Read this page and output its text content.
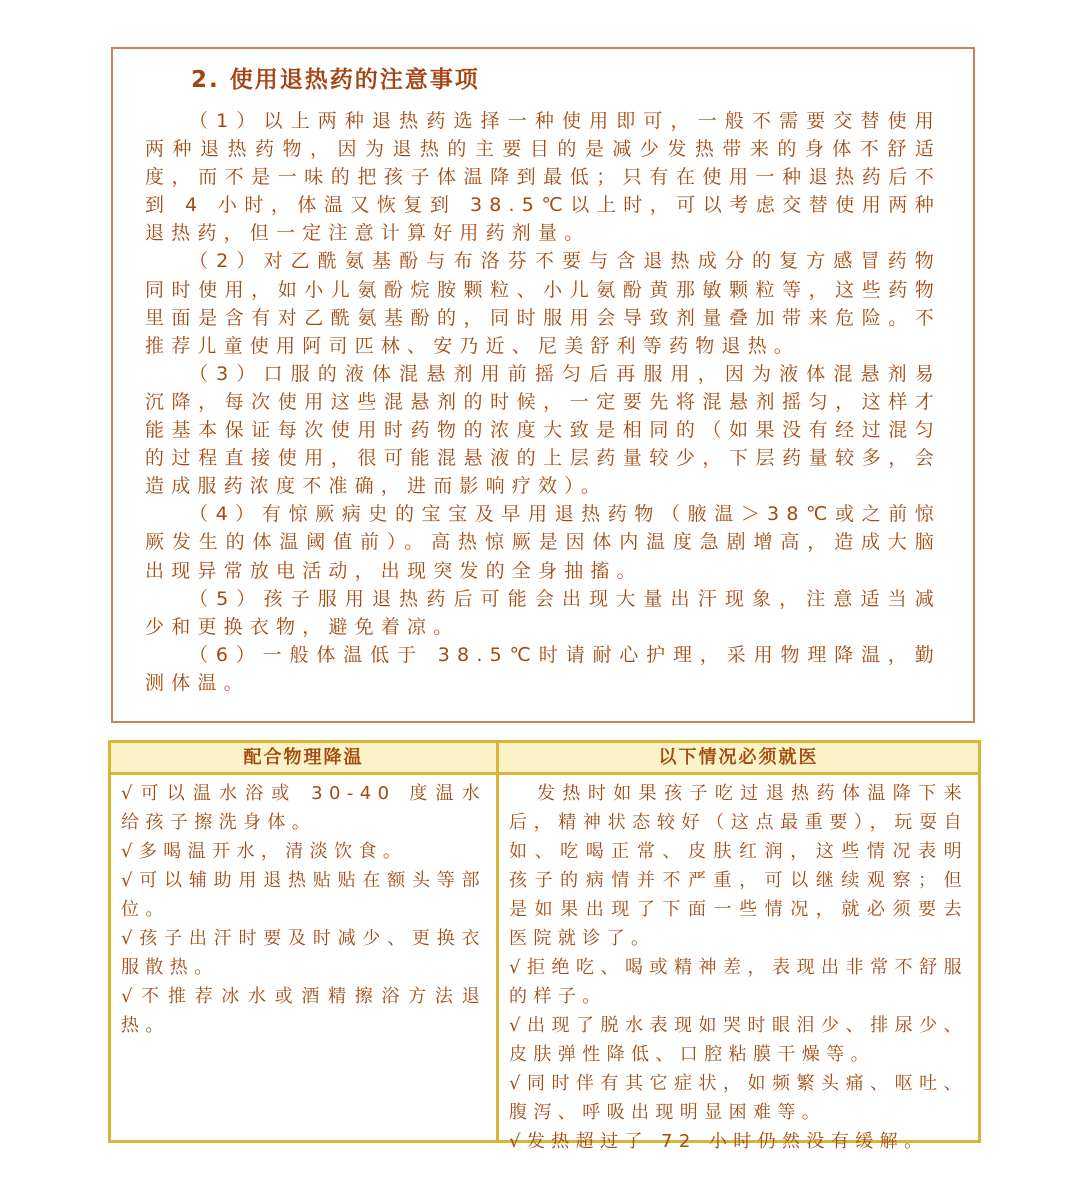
2. 使用退热药的注意事项

（1）以上两种退热药选择一种使用即可，一般不需要交替使用两种退热药物，因为退热的主要目的是减少发热带来的身体不舒适度，而不是一味的把孩子体温降到最低；只有在使用一种退热药后不到 4 小时，体温又恢复到 38.5℃以上时，可以考虑交替使用两种退热药，但一定注意计算好用药剂量。

（2）对乙酰氨基酚与布洛芬不要与含退热成分的复方感冒药物同时使用，如小儿氨酚烷胺颗粒、小儿氨酚黄那敏颗粒等，这些药物里面是含有对乙酰氨基酚的，同时服用会导致剂量叠加带来危险。不推荐儿童使用阿司匹林、安乃近、尼美舒利等药物退热。

（3）口服的液体混悬剂用前摇匀后再服用，因为液体混悬剂易沉降，每次使用这些混悬剂的时候，一定要先将混悬剂摇匀，这样才能基本保证每次使用时药物的浓度大致是相同的（如果没有经过混匀的过程直接使用，很可能混悬液的上层药量较少，下层药量较多，会造成服药浓度不准确，进而影响疗效）。

（4）有惊厥病史的宝宝及早用退热药物（腋温＞38℃或之前惊厥发生的体温阈值前）。高热惊厥是因体内温度急剧增高，造成大脑出现异常放电活动，出现突发的全身抽搐。

（5）孩子服用退热药后可能会出现大量出汗现象，注意适当减少和更换衣物，避免着凉。

（6）一般体温低于 38.5℃时请耐心护理，采用物理降温，勤测体温。

配合物理降温

√可以温水浴或 30-40 度温水给孩子擦洗身体。

√多喝温开水，清淡饮食。

√可以辅助用退热贴贴在额头等部位。

√孩子出汗时要及时减少、更换衣服散热。

√不推荐冰水或酒精擦浴方法退热。

以下情况必须就医

发热时如果孩子吃过退热药体温降下来后，精神状态较好（这点最重要），玩耍自如、吃喝正常、皮肤红润，这些情况表明孩子的病情并不严重，可以继续观察；但是如果出现了下面一些情况，就必须要去医院就诊了。

√拒绝吃、喝或精神差，表现出非常不舒服的样子。

√出现了脱水表现如哭时眼泪少、排尿少、皮肤弹性降低、口腔粘膜干燥等。

√同时伴有其它症状，如频繁头痛、呕吐、腹泻、呼吸出现明显困难等。

√发热超过了 72 小时仍然没有缓解。
